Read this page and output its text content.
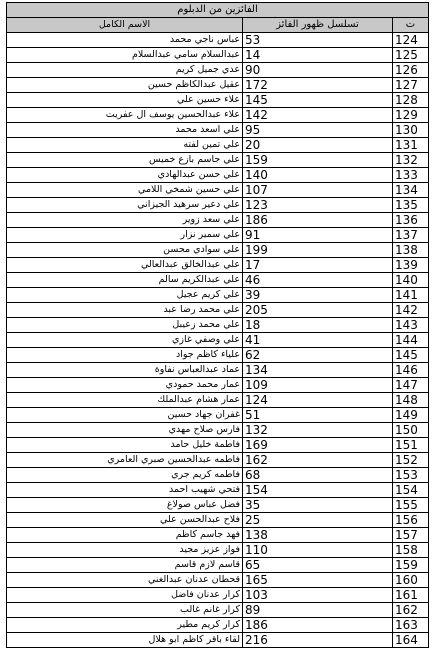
الفائزين من الدبلوم		
الاسم الكامل	تسلسل ظهور الفائز	ت
عباس ناجي محمد	53	124
عبدالسلام سامي عبدالسلام	14	125
عدي جميل كريم	90	126
عقيل عبدالكاظم حسين	172	127
علاء حسين علي	145	128
علاء عبدالحسين يوسف ال عفريت	142	129
علي اسعد محمد	95	130
علي تمين لفته	20	131
علي جاسم بازع خميس	159	132
علي حسن عبدالهادي	140	133
علي حسين شمخي اللامي	107	134
علي دعير سرهيد الجيزاني	123	135
علي سعد زوير	186	136
علي سمير نزار	91	137
علي سوادي محسن	199	138
علي عبدالخالق عبدالعالي	17	139
علي عبدالكريم سالم	46	140
علي كريم عجيل	39	141
علي محمد رضا عبد	205	142
علي محمد زعيبل	18	143
علي وصفي غازي	41	144
علياء كاظم جواد	62	145
عماد عبدالعباس نفاوة	134	146
عمار محمد حمودي	109	147
عمار هشام عبدالملك	124	148
غفران جهاد حسين	51	149
فارس صلاح مهدي	132	150
فاطمة خليل حامد	169	151
فاطمه عبدالحسين صبري العامري	162	152
فاطمه كريم جري	68	153
فتحي شهيب احمد	154	154
فضل عباس صولاغ	35	155
فلاح عبدالحسن علي	25	156
فهد جاسم كاظم	138	157
فواز عزيز مجيد	110	158
قاسم لازم قاسم	65	159
قحطان عدنان عبدالغني	165	160
كرار عدنان فاضل	103	161
كرار غانم غالب	89	162
كرار كريم مطير	186	163
لقاء باقر كاظم ابو هلال	216	164
